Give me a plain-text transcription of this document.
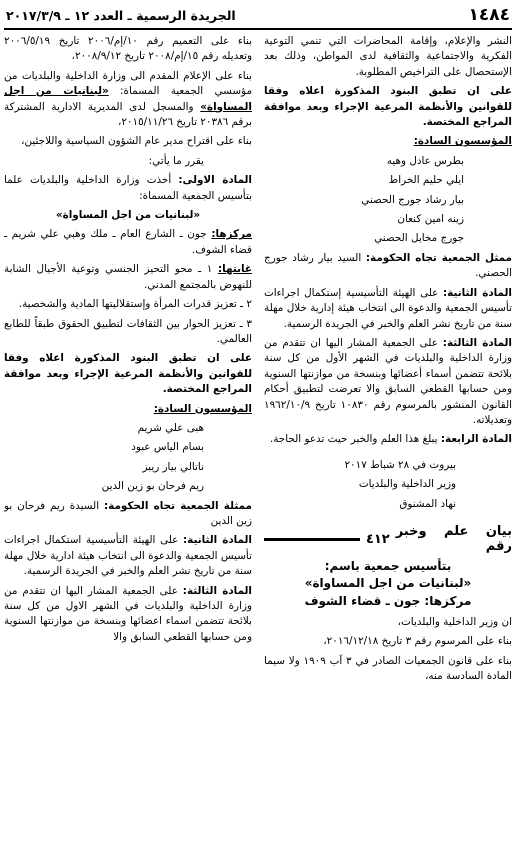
١٤٨٤
الجريدة الرسمية ـ العدد ١٢ ـ ٢٠١٧/٣/٩

النشر والإعلام، وإقامة المحاضرات التي تنمي التوعية الفكرية والاجتماعية والثقافية لدى المواطن، وذلك بعد الإستحصال على التراخيص المطلوبة.

على ان تطبق البنود المذكورة اعلاه وفقا للقوانين والأنظمة المرعية الإجراء وبعد موافقة المراجع المختصة.

المؤسسون السادة:

بطرس عادل وهيه

ايلي حليم الخراط

بيار رشاد جورج الحصني

زينه امين كنعان

جورج مخايل الحصني

ممثل الجمعية تجاه الحكومة: السيد بيار رشاد جورج الحصني.

المادة الثانية: على الهيئة التأسيسية إستكمال اجراءات تأسيس الجمعية والدعوة الى انتخاب هيئة إدارية خلال مهلة سنة من تاريخ نشر العلم والخبر في الجريدة الرسمية.

المادة الثالثة: على الجمعية المشار اليها ان تتقدم من وزارة الداخلية والبلديات في الشهر الأول من كل سنة بلائحة تتضمن أسماء أعضائها وبنسخة من موازنتها السنوية ومن حسابها القطعي السابق والا تعرضت لتطبيق أحكام القانون المنشور بالمرسوم رقم ١٠٨٣٠ تاريخ ١٩٦٢/١٠/٩ وتعديلاته.

المادة الرابعة: يبلغ هذا العلم والخبر حيث تدعو الحاجة.

بيروت في ٢٨ شباط ٢٠١٧

وزير الداخلية والبلديات

نهاد المشنوق

بيان علم وخبر رقم
٤١٢
بتأسيس جمعية باسم:
«لبنانيات من اجل المساواة»
مركزها: جون ـ قضاء الشوف

ان وزير الداخلية والبلديات،

بناء على المرسوم رقم ٣ تاريخ ٢٠١٦/١٢/١٨،

بناء على قانون الجمعيات الصادر في ٣ آب ١٩٠٩ ولا سيما المادة السادسة منه،

بناء على التعميم رقم ١٠/إم/٢٠٠٦ تاريخ ٢٠٠٦/٥/١٩ وتعديله رقم ١٥/إم/٢٠٠٨ تاريخ ٢٠٠٨/٩/١٢،

بناء على الإعلام المقدم الى وزارة الداخلية والبلديات من مؤسسي الجمعية المسماة: «لبنانيات من اجل المساواة» والمسجل لدى المديرية الادارية المشتركة برقم ٢٠٣٨٦ تاريخ ٢٠١٥/١١/٢٦،

بناء على اقتراح مدير عام الشؤون السياسية واللاجئين،

يقرر ما يأتي:

المادة الاولى: أخذت وزارة الداخلية والبلديات علما بتأسيس الجمعية المسماة:

«لبنانيات من اجل المساواة»

مركزها: جون ـ الشارع العام ـ ملك وهبي علي شريم ـ قضاء الشوف.

غايتها: ١ ـ محو التحيز الجنسي وتوعية الأجيال الشابة للنهوض بالمجتمع المدني.

٢ ـ تعزيز قدرات المرأة وإستقلاليتها المادية والشخصية.

٣ ـ تعزيز الحوار بين الثقافات لتطبيق الحقوق طبقاً للطابع العالمي.

على ان تطبق البنود المذكورة اعلاه وفقا للقوانين والأنظمة المرعية الإجراء وبعد موافقة المراجع المختصة.

المؤسسون السادة:

هبى علي شريم

بسام الياس عبود

ناتالي بيار ريبز

ريم فرحان بو زين الدين

ممثلة الجمعية تجاه الحكومة: السيدة ريم فرحان بو زين الدين

المادة الثانية: على الهيئة التأسيسية استكمال اجراءات تأسيس الجمعية والدعوة الى انتخاب هيئة ادارية خلال مهلة سنة من تاريخ نشر العلم والخبر في الجريدة الرسمية.

المادة الثالثة: على الجمعية المشار اليها ان تتقدم من وزارة الداخلية والبلديات في الشهر الاول من كل سنة بلائحة تتضمن اسماء اعضائها وبنسخة من موازنتها السنوية ومن حسابها القطعي السابق والا
